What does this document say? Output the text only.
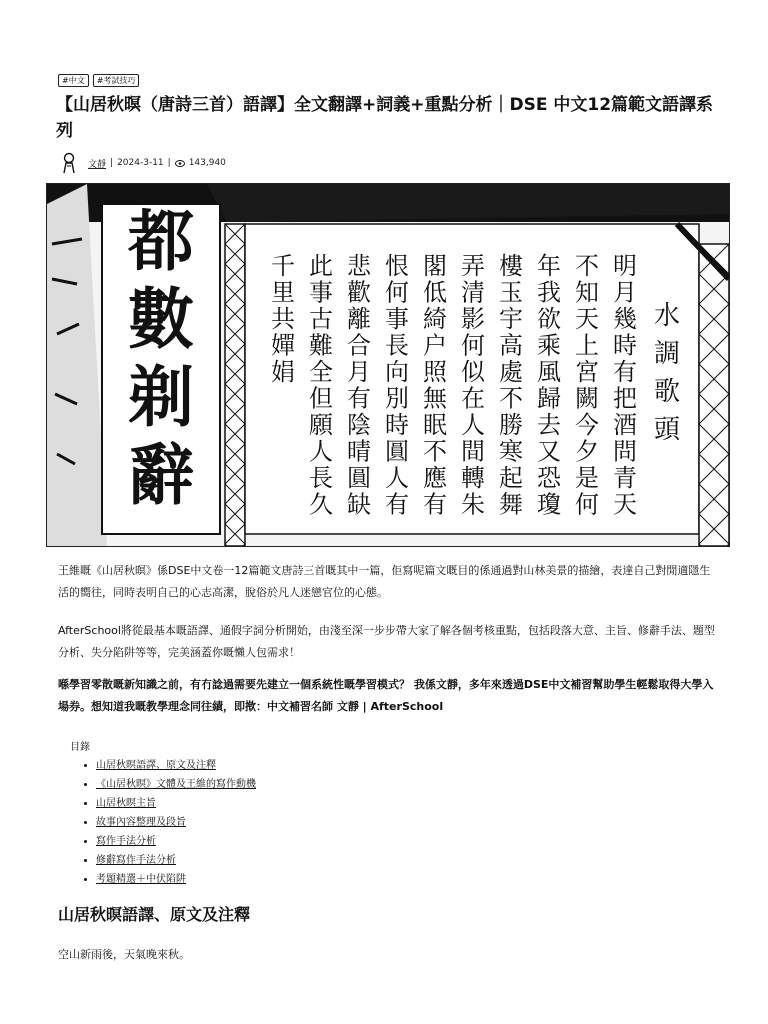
#中文	#考試技巧
【山居秋暝（唐詩三首）語譯】全文翻譯+詞義+重點分析｜DSE 中文12篇範文語譯系列
文靜 | 2024-3-11 | 143,940
都
數
剃
辭
水
調
歌
頭
明
月
幾
時
有
把
酒
問
青
天
不
知
天
上
宮
闕
今
夕
是
何
年
我
欲
乘
風
歸
去
又
恐
瓊
樓
玉
宇
高
處
不
勝
寒
起
舞
弄
清
影
何
似
在
人
間
轉
朱
閣
低
綺
户
照
無
眠
不
應
有
恨
何
事
長
向
別
時
圓
人
有
悲
歡
離
合
月
有
陰
晴
圓
缺
此
事
古
難
全
但
願
人
長
久
千
里
共
嬋
娟

王維嘅《山居秋暝》係DSE中文卷一12篇範文唐詩三首嘅其中一篇，佢寫呢篇文嘅目的係通過對山林美景的描繪，表達自己對閒適隱生活的嚮往，同時表明自己的心志高潔，脫俗於凡人迷戀官位的心態。

AfterSchool將從最基本嘅語譯、通假字詞分析開始，由淺至深一步步帶大家了解各個考核重點，包括段落大意、主旨、修辭手法、題型分析、失分陷阱等等，完美涵蓋你嘅懶人包需求！

喺學習零散嘅新知識之前，有冇諗過需要先建立一個系統性嘅學習模式？ 我係文靜，多年來透過DSE中文補習幫助學生輕鬆取得大學入場券。想知道我嘅教學理念同往績，即揿：中文補習名師 文靜 | AfterSchool

目錄
• 山居秋暝語譯、原文及注釋
• 《山居秋暝》文體及王維的寫作動機
• 山居秋暝主旨
• 故事內容整理及段旨
• 寫作手法分析
• 修辭寫作手法分析
• 考題精選＋中伏陷阱
山居秋暝語譯、原文及注釋

空山新雨後，天氣晚來秋。
